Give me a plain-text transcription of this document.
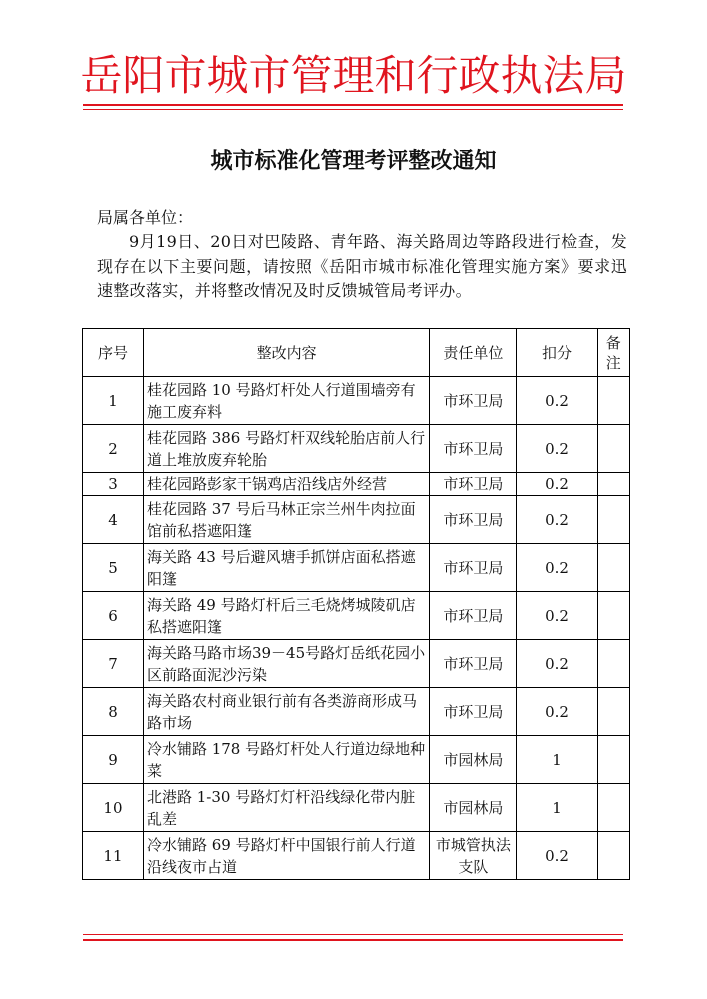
岳阳市城市管理和行政执法局
城市标准化管理考评整改通知
局属各单位：
9月19日、20日对巴陵路、青年路、海关路周边等路段进行检查，发现存在以下主要问题，请按照《岳阳市城市标准化管理实施方案》要求迅速整改落实，并将整改情况及时反馈城管局考评办。
序号	整改内容	责任单位	扣分	备注
1	桂花园路 10 号路灯杆处人行道围墙旁有施工废弃料	市环卫局	0.2	
2	桂花园路 386 号路灯杆双线轮胎店前人行道上堆放废弃轮胎	市环卫局	0.2	
3	桂花园路彭家干锅鸡店沿线店外经营	市环卫局	0.2	
4	桂花园路 37 号后马林正宗兰州牛肉拉面馆前私搭遮阳篷	市环卫局	0.2	
5	海关路 43 号后避风塘手抓饼店面私搭遮阳篷	市环卫局	0.2	
6	海关路 49 号路灯杆后三毛烧烤城陵矶店私搭遮阳篷	市环卫局	0.2	
7	海关路马路市场39－45号路灯岳纸花园小区前路面泥沙污染	市环卫局	0.2	
8	海关路农村商业银行前有各类游商形成马路市场	市环卫局	0.2	
9	冷水铺路 178 号路灯杆处人行道边绿地种菜	市园林局	1	
10	北港路 1-30 号路灯灯杆沿线绿化带内脏乱差	市园林局	1	
11	冷水铺路 69 号路灯杆中国银行前人行道沿线夜市占道	市城管执法支队	0.2	
